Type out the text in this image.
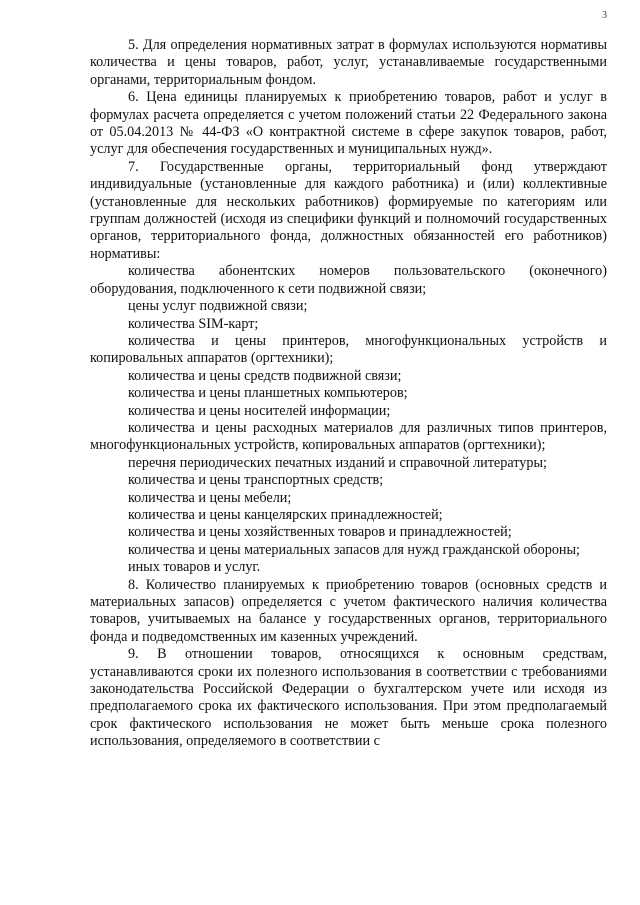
3

5. Для определения нормативных затрат в формулах используются нормативы количества и цены товаров, работ, услуг, устанавливаемые государственными органами, территориальным фондом.

6. Цена единицы планируемых к приобретению товаров, работ и услуг в формулах расчета определяется с учетом положений статьи 22 Федерального закона от 05.04.2013 № 44-ФЗ «О контрактной системе в сфере закупок товаров, работ, услуг для обеспечения государственных и муниципальных нужд».

7. Государственные органы, территориальный фонд утверждают индивидуальные (установленные для каждого работника) и (или) коллективные (установленные для нескольких работников) формируемые по категориям или группам должностей (исходя из специфики функций и полномочий государственных органов, территориального фонда, должностных обязанностей его работников) нормативы:

количества абонентских номеров пользовательского (оконечного) оборудования, подключенного к сети подвижной связи;

цены услуг подвижной связи;

количества SIM-карт;

количества и цены принтеров, многофункциональных устройств и копировальных аппаратов (оргтехники);

количества и цены средств подвижной связи;

количества и цены планшетных компьютеров;

количества и цены носителей информации;

количества и цены расходных материалов для различных типов принтеров, многофункциональных устройств, копировальных аппаратов (оргтехники);

перечня периодических печатных изданий и справочной литературы;

количества и цены транспортных средств;

количества и цены мебели;

количества и цены канцелярских принадлежностей;

количества и цены хозяйственных товаров и принадлежностей;

количества и цены материальных запасов для нужд гражданской обороны;

иных товаров и услуг.

8. Количество планируемых к приобретению товаров (основных средств и материальных запасов) определяется с учетом фактического наличия количества товаров, учитываемых на балансе у государственных органов, территориального фонда и подведомственных им казенных учреждений.

9. В отношении товаров, относящихся к основным средствам, устанавливаются сроки их полезного использования в соответствии с требованиями законодательства Российской Федерации о бухгалтерском учете или исходя из предполагаемого срока их фактического использования. При этом предполагаемый срок фактического использования не может быть меньше срока полезного использования, определяемого в соответствии с
